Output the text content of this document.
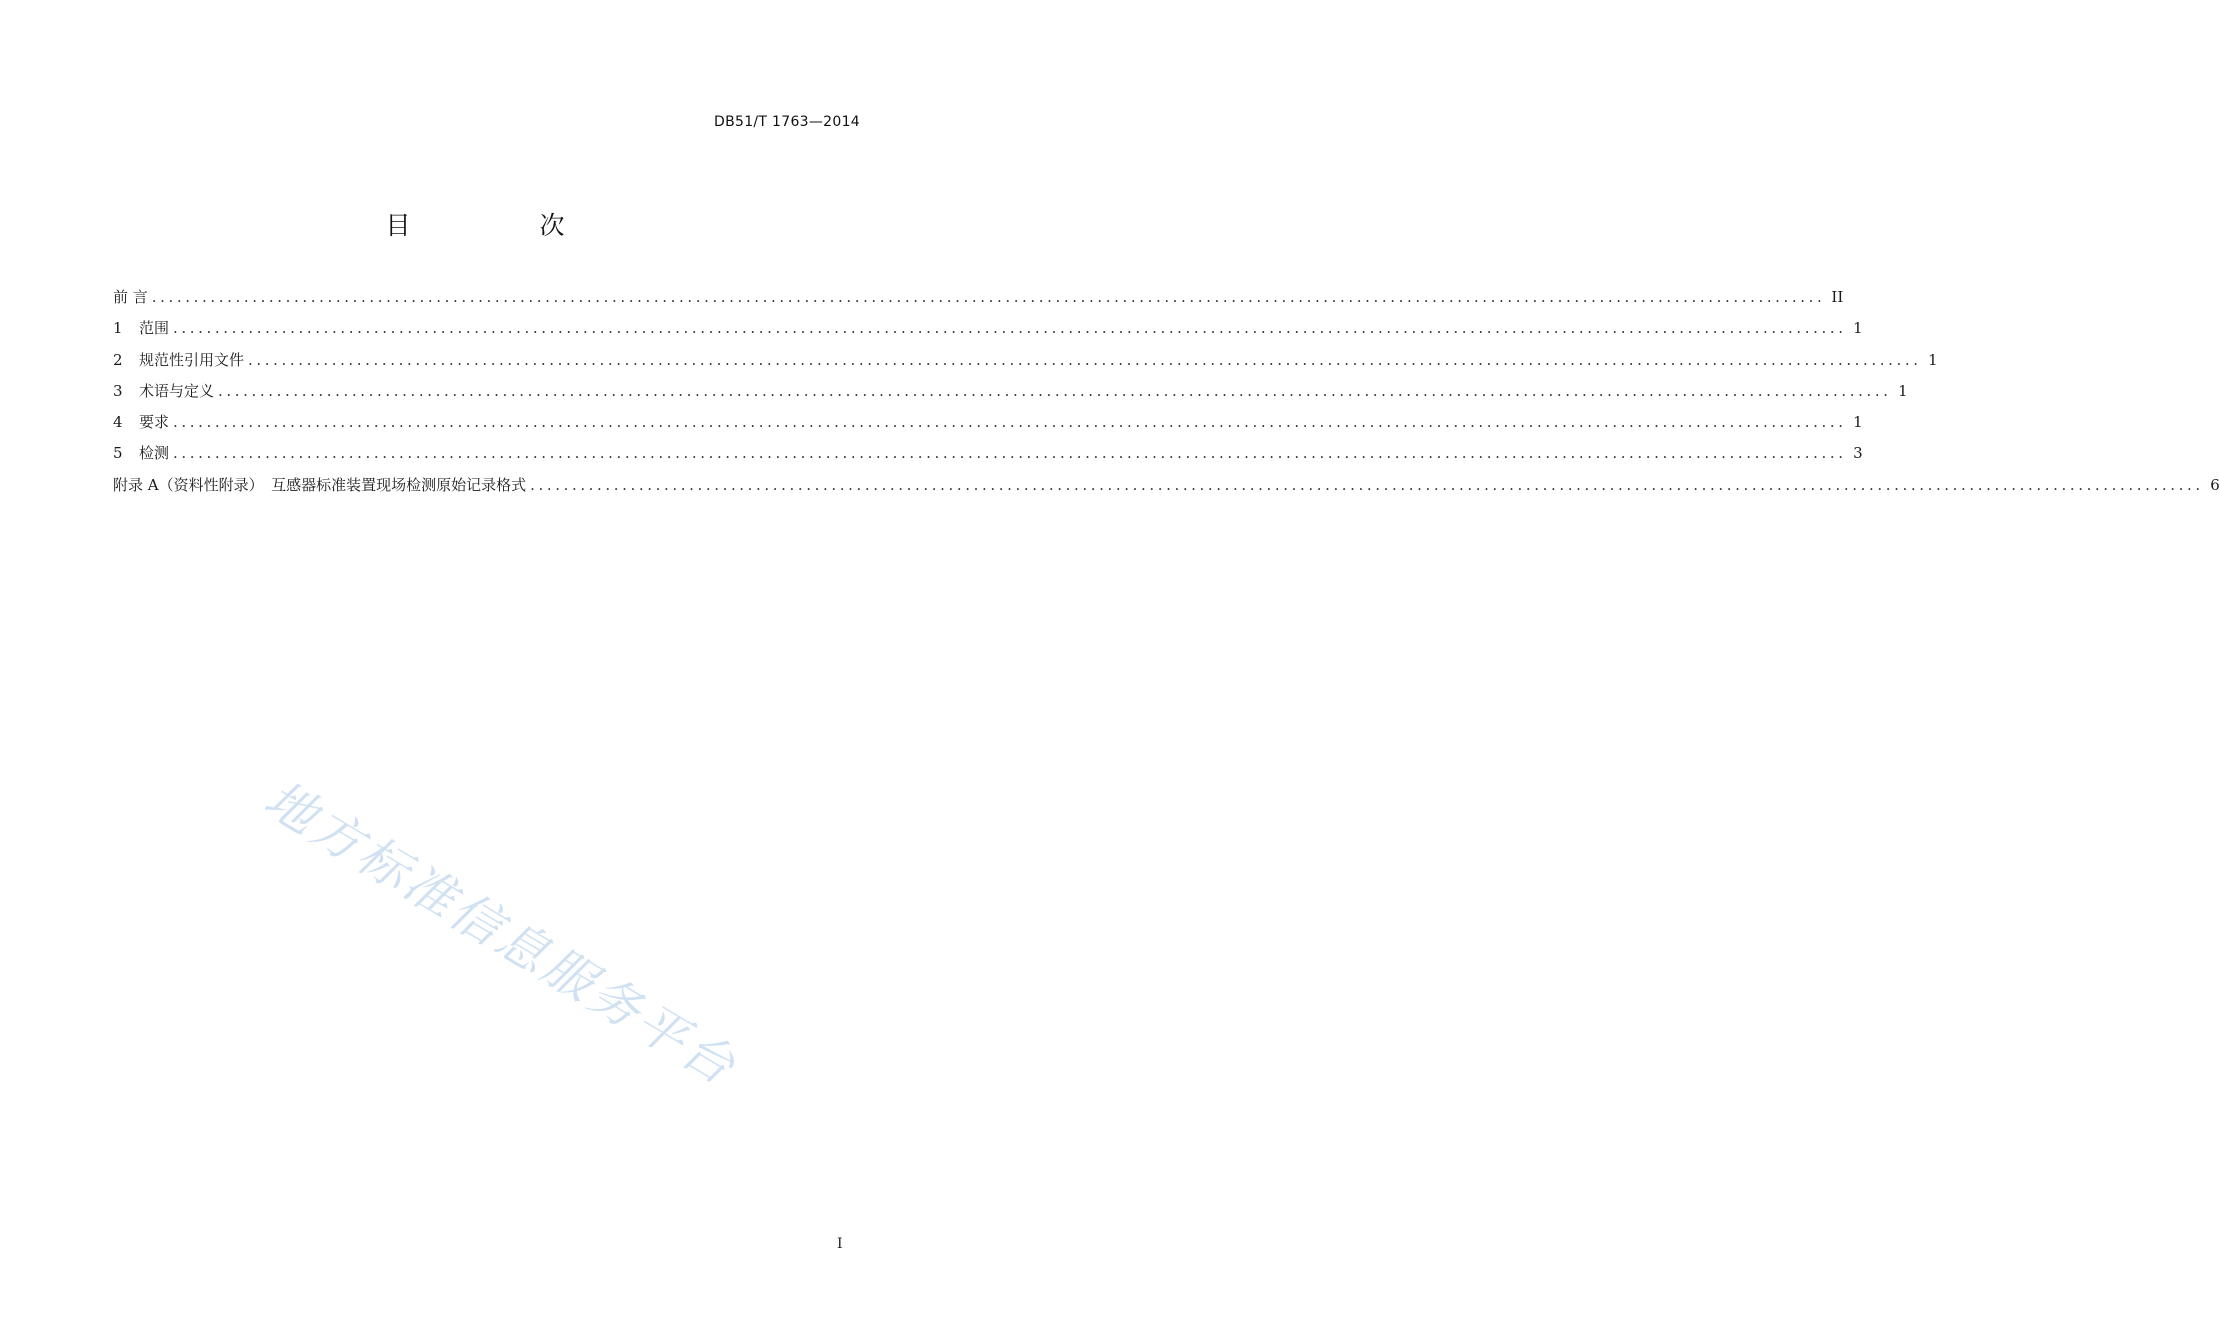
DB51/T 1763—2014
目　次
前 言 ........................................................................................................................................................................................................ II
1	范围 ........................................................................................................................................................................................................ 1
2	规范性引用文件 ........................................................................................................................................................................................................ 1
3	术语与定义 ........................................................................................................................................................................................................ 1
4	要求 ........................................................................................................................................................................................................ 1
5	检测 ........................................................................................................................................................................................................ 3
附录 A（资料性附录）　互感器标准装置现场检测原始记录格式 ........................................................................................................................................................................................................ 6
地方标准信息服务平台
I
